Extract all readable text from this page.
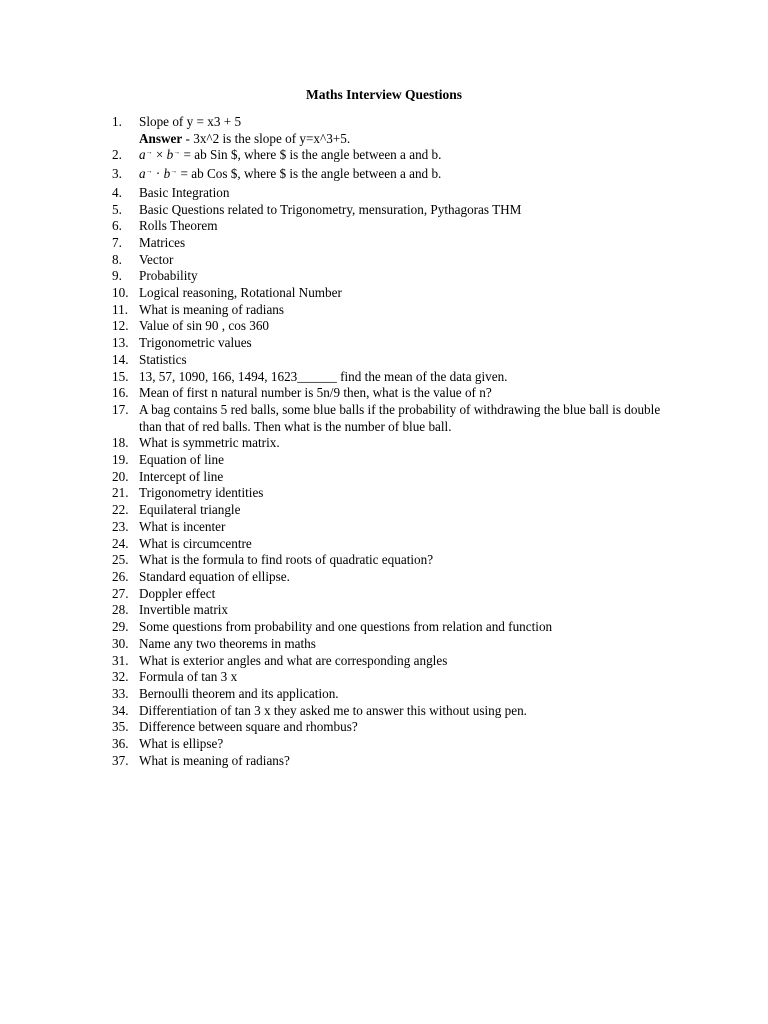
Maths Interview Questions
1. Slope of y = x3 + 5
Answer - 3x^2 is the slope of y=x^3+5.
2. a→ × b→ = ab Sin $, where $ is the angle between a and b.
3. a→ · b→ = ab Cos $, where $ is the angle between a and b.
4. Basic Integration
5. Basic Questions related to Trigonometry, mensuration, Pythagoras THM
6. Rolls Theorem
7. Matrices
8. Vector
9. Probability
10. Logical reasoning, Rotational Number
11. What is meaning of radians
12. Value of sin 90 , cos 360
13. Trigonometric values
14. Statistics
15. 13, 57, 1090, 166, 1494, 1623______ find the mean of the data given.
16. Mean of first n natural number is 5n/9 then, what is the value of n?
17. A bag contains 5 red balls, some blue balls if the probability of withdrawing the blue ball is double than that of red balls. Then what is the number of blue ball.
18. What is symmetric matrix.
19. Equation of line
20. Intercept of line
21. Trigonometry identities
22. Equilateral triangle
23. What is incenter
24. What is circumcentre
25. What is the formula to find roots of quadratic equation?
26. Standard equation of ellipse.
27. Doppler effect
28. Invertible matrix
29. Some questions from probability and one questions from relation and function
30. Name any two theorems in maths
31. What is exterior angles and what are corresponding angles
32. Formula of tan 3 x
33. Bernoulli theorem and its application.
34. Differentiation of tan 3 x they asked me to answer this without using pen.
35. Difference between square and rhombus?
36. What is ellipse?
37. What is meaning of radians?
